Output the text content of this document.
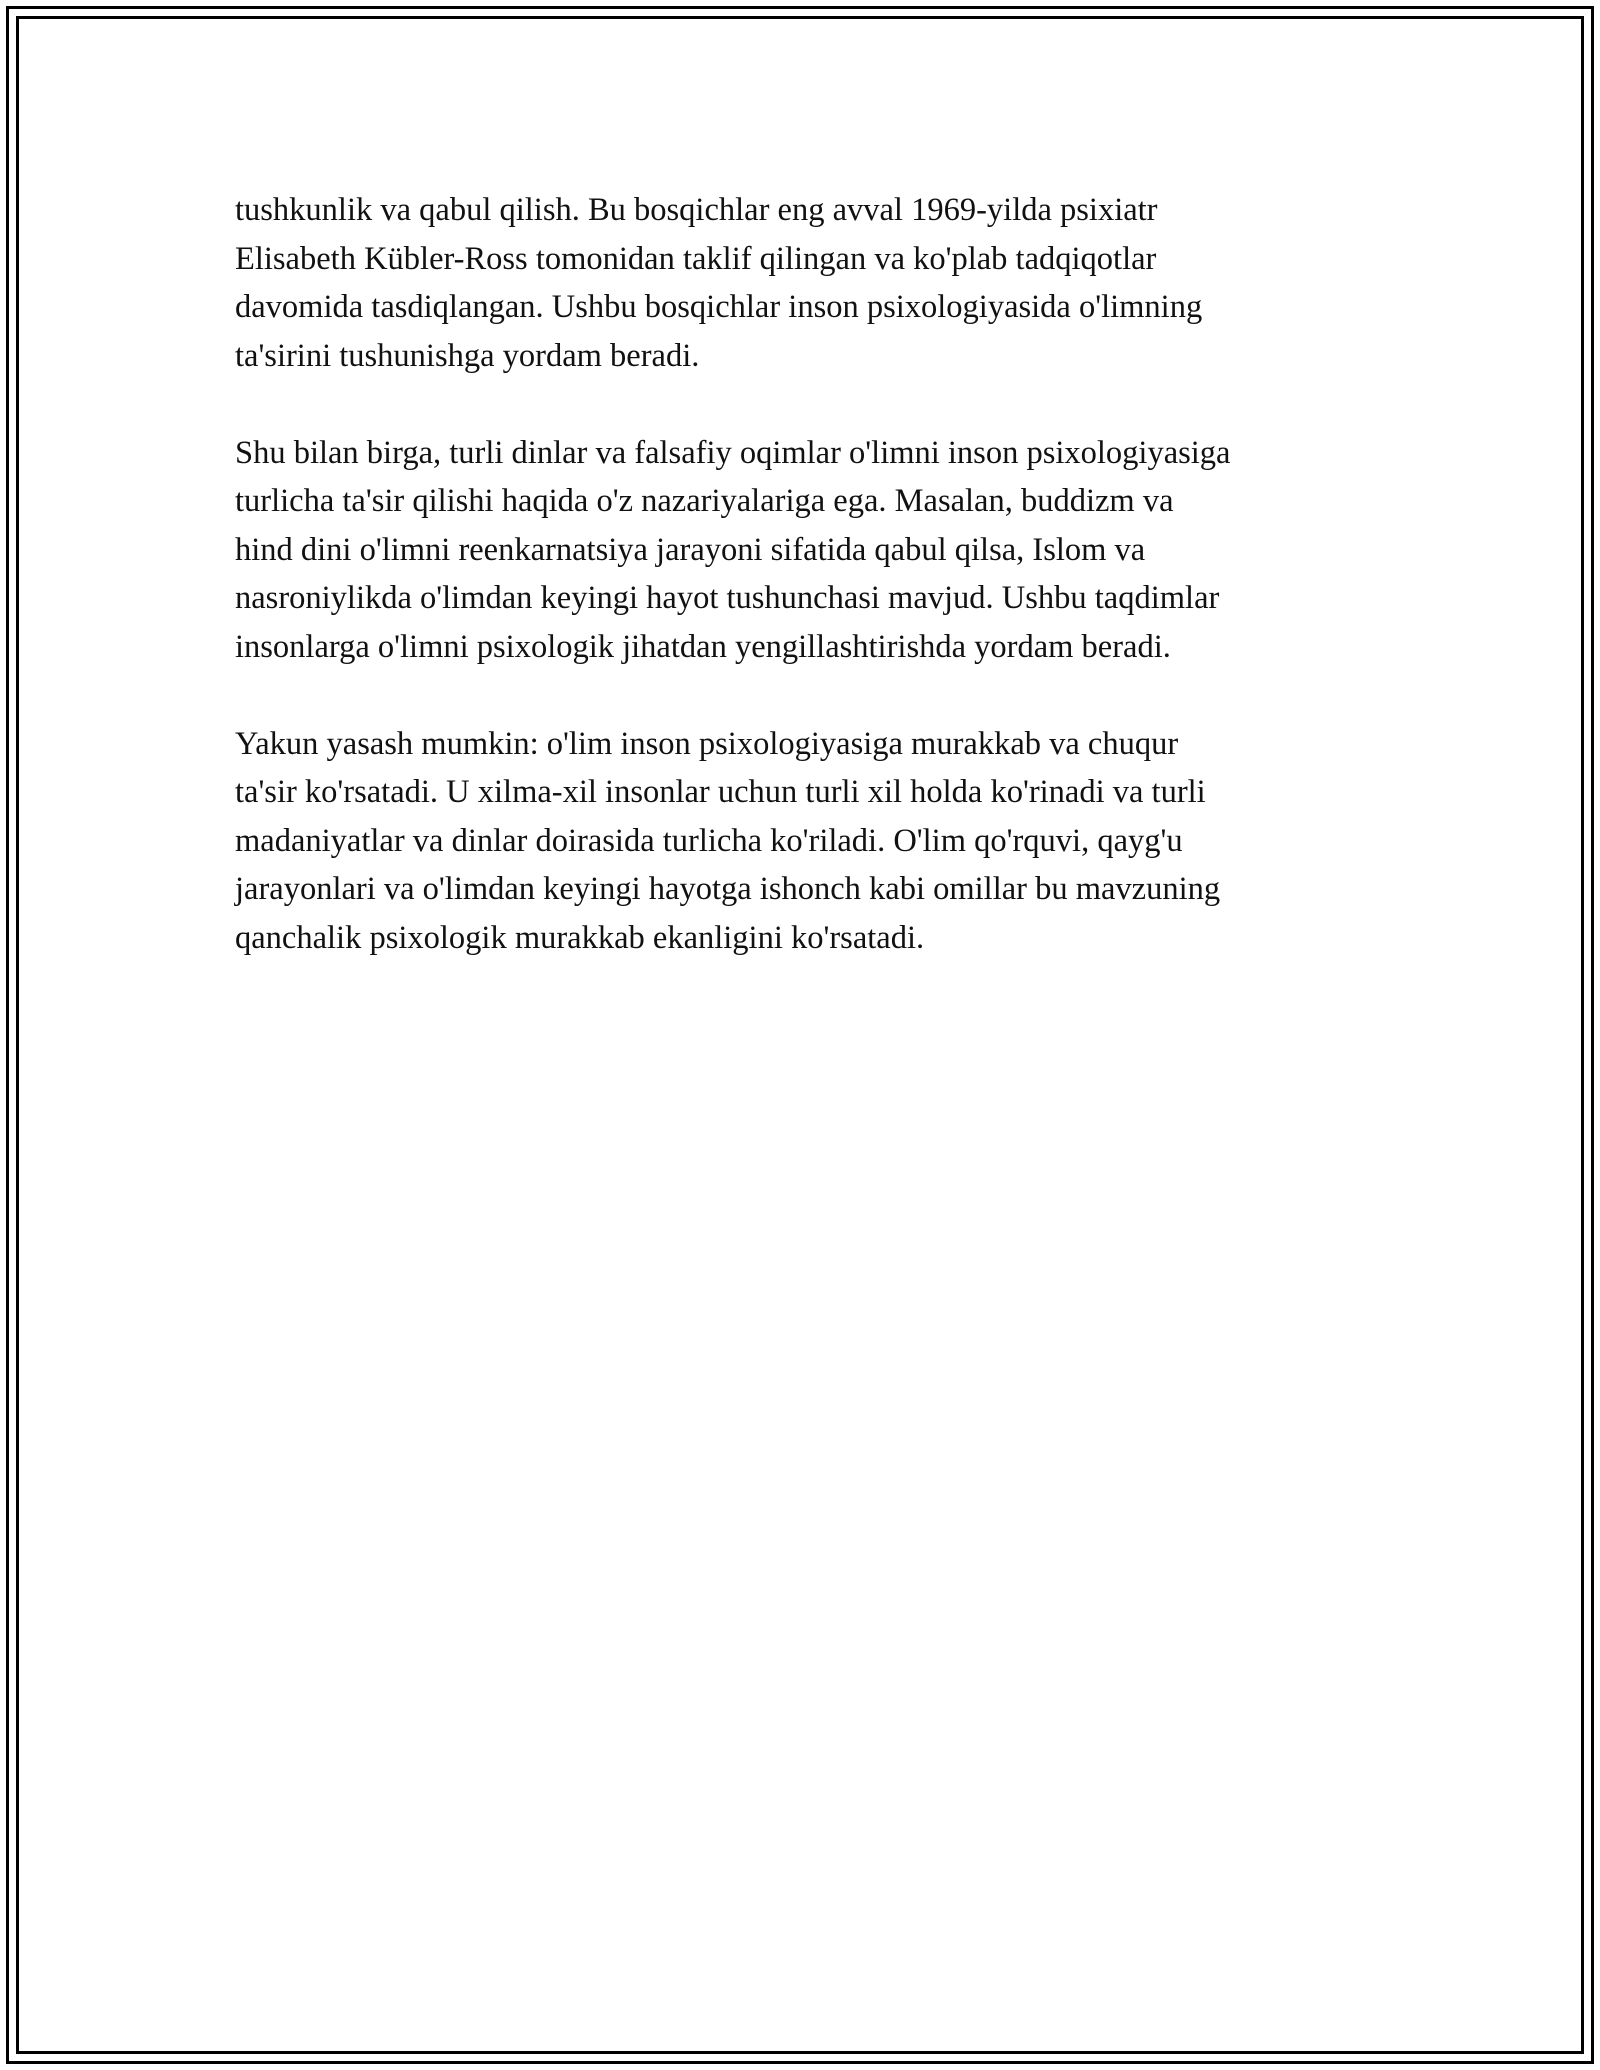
tushkunlik va qabul qilish. Bu bosqichlar eng avval 1969-yilda psixiatr
Elisabeth Kübler-Ross tomonidan taklif qilingan va ko'plab tadqiqotlar
davomida tasdiqlangan. Ushbu bosqichlar inson psixologiyasida o'limning
ta'sirini tushunishga yordam beradi.

Shu bilan birga, turli dinlar va falsafiy oqimlar o'limni inson psixologiyasiga
turlicha ta'sir qilishi haqida o'z nazariyalariga ega. Masalan, buddizm va
hind dini o'limni reenkarnatsiya jarayoni sifatida qabul qilsa, Islom va
nasroniylikda o'limdan keyingi hayot tushunchasi mavjud. Ushbu taqdimlar
insonlarga o'limni psixologik jihatdan yengillashtirishda yordam beradi.

Yakun yasash mumkin: o'lim inson psixologiyasiga murakkab va chuqur
ta'sir ko'rsatadi. U xilma-xil insonlar uchun turli xil holda ko'rinadi va turli
madaniyatlar va dinlar doirasida turlicha ko'riladi. O'lim qo'rquvi, qayg'u
jarayonlari va o'limdan keyingi hayotga ishonch kabi omillar bu mavzuning
qanchalik psixologik murakkab ekanligini ko'rsatadi.
